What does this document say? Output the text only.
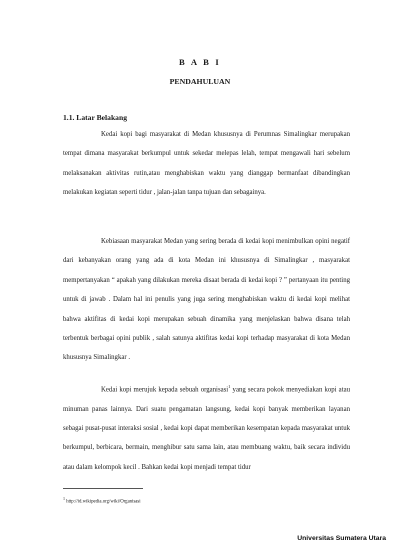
B A B I
PENDAHULUAN
1.1. Latar Belakang

Kedai kopi bagi masyarakat di Medan khususnya di Perumnas Simalingkar merupakan tempat dimana masyarakat berkumpul untuk sekedar melepas lelah, tempat mengawali hari sebelum melaksanakan aktivitas rutin,atau menghabiskan waktu yang dianggap bermanfaat dibandingkan melakukan kegiatan seperti tidur , jalan-jalan tanpa tujuan dan sebagainya.

Kebiasaan masyarakat Medan yang sering berada di kedai kopi menimbulkan opini negatif dari kebanyakan orang yang ada di kota Medan ini khususnya di Simalingkar , masyarakat mempertanyakan “ apakah yang dilakukan mereka disaat berada di kedai kopi ? ” pertanyaan itu penting untuk di jawab . Dalam hal ini penulis yang juga sering menghabiskan waktu di kedai kopi melihat bahwa aktifitas di kedai kopi merupakan sebuah dinamika yang menjelaskan bahwa disana telah terbentuk berbagai opini publik , salah satunya aktifitas kedai kopi terhadap masyarakat di kota Medan khususnya Simalingkar .

Kedai kopi merujuk kepada sebuah organisasi$^1$ yang secara pokok menyediakan kopi atau minuman panas lainnya. Dari suatu pengamatan langsung, kedai kopi banyak memberikan layanan sebagai pusat-pusat interaksi sosial , kedai kopi dapat memberikan kesempatan kepada masyarakat untuk berkumpul, berbicara, bermain, menghibur satu sama lain, atau membuang waktu, baik secara individu atau dalam kelompok kecil . Bahkan kedai kopi menjadi tempat tidur

$^1$ http://id.wikipedia.org/wiki/Organisasi
Universitas Sumatera Utara
